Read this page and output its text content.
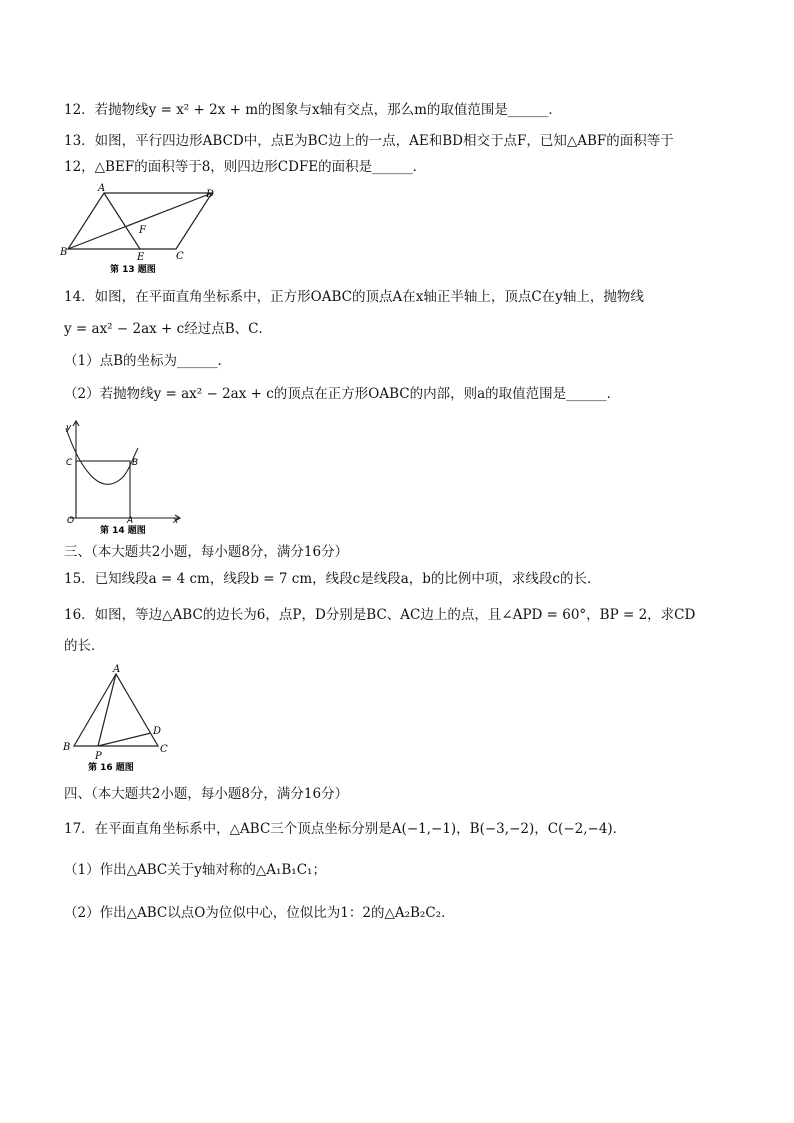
12．若抛物线y = x² + 2x + m的图象与x轴有交点，那么m的取值范围是______．
13．如图，平行四边形ABCD中，点E为BC边上的一点，AE和BD相交于点F，已知△ABF的面积等于
12，△BEF的面积等于8，则四边形CDFE的面积是______．
A
D
B	C
E
F
第 13 题图
14．如图，在平面直角坐标系中，正方形OABC的顶点A在x轴正半轴上，顶点C在y轴上，抛物线
y = ax² − 2ax + c经过点B、C．
（1）点B的坐标为______．
（2）若抛物线y = ax² − 2ax + c的顶点在正方形OABC的内部，则a的取值范围是______．
y
C	B
O	A	x
第 14 题图
三、（本大题共2小题，每小题8分，满分16分）
15．已知线段a = 4 cm，线段b = 7 cm，线段c是线段a，b的比例中项，求线段c的长．
16．如图，等边△ABC的边长为6，点P，D分别是BC、AC边上的点，且∠APD = 60°，BP = 2，求CD
的长．
A
B	C
D
P
第 16 题图
四、（本大题共2小题，每小题8分，满分16分）
17．在平面直角坐标系中，△ABC三个顶点坐标分别是A(−1,−1)，B(−3,−2)，C(−2,−4)．
（1）作出△ABC关于y轴对称的△A₁B₁C₁；
（2）作出△ABC以点O为位似中心，位似比为1：2的△A₂B₂C₂．
